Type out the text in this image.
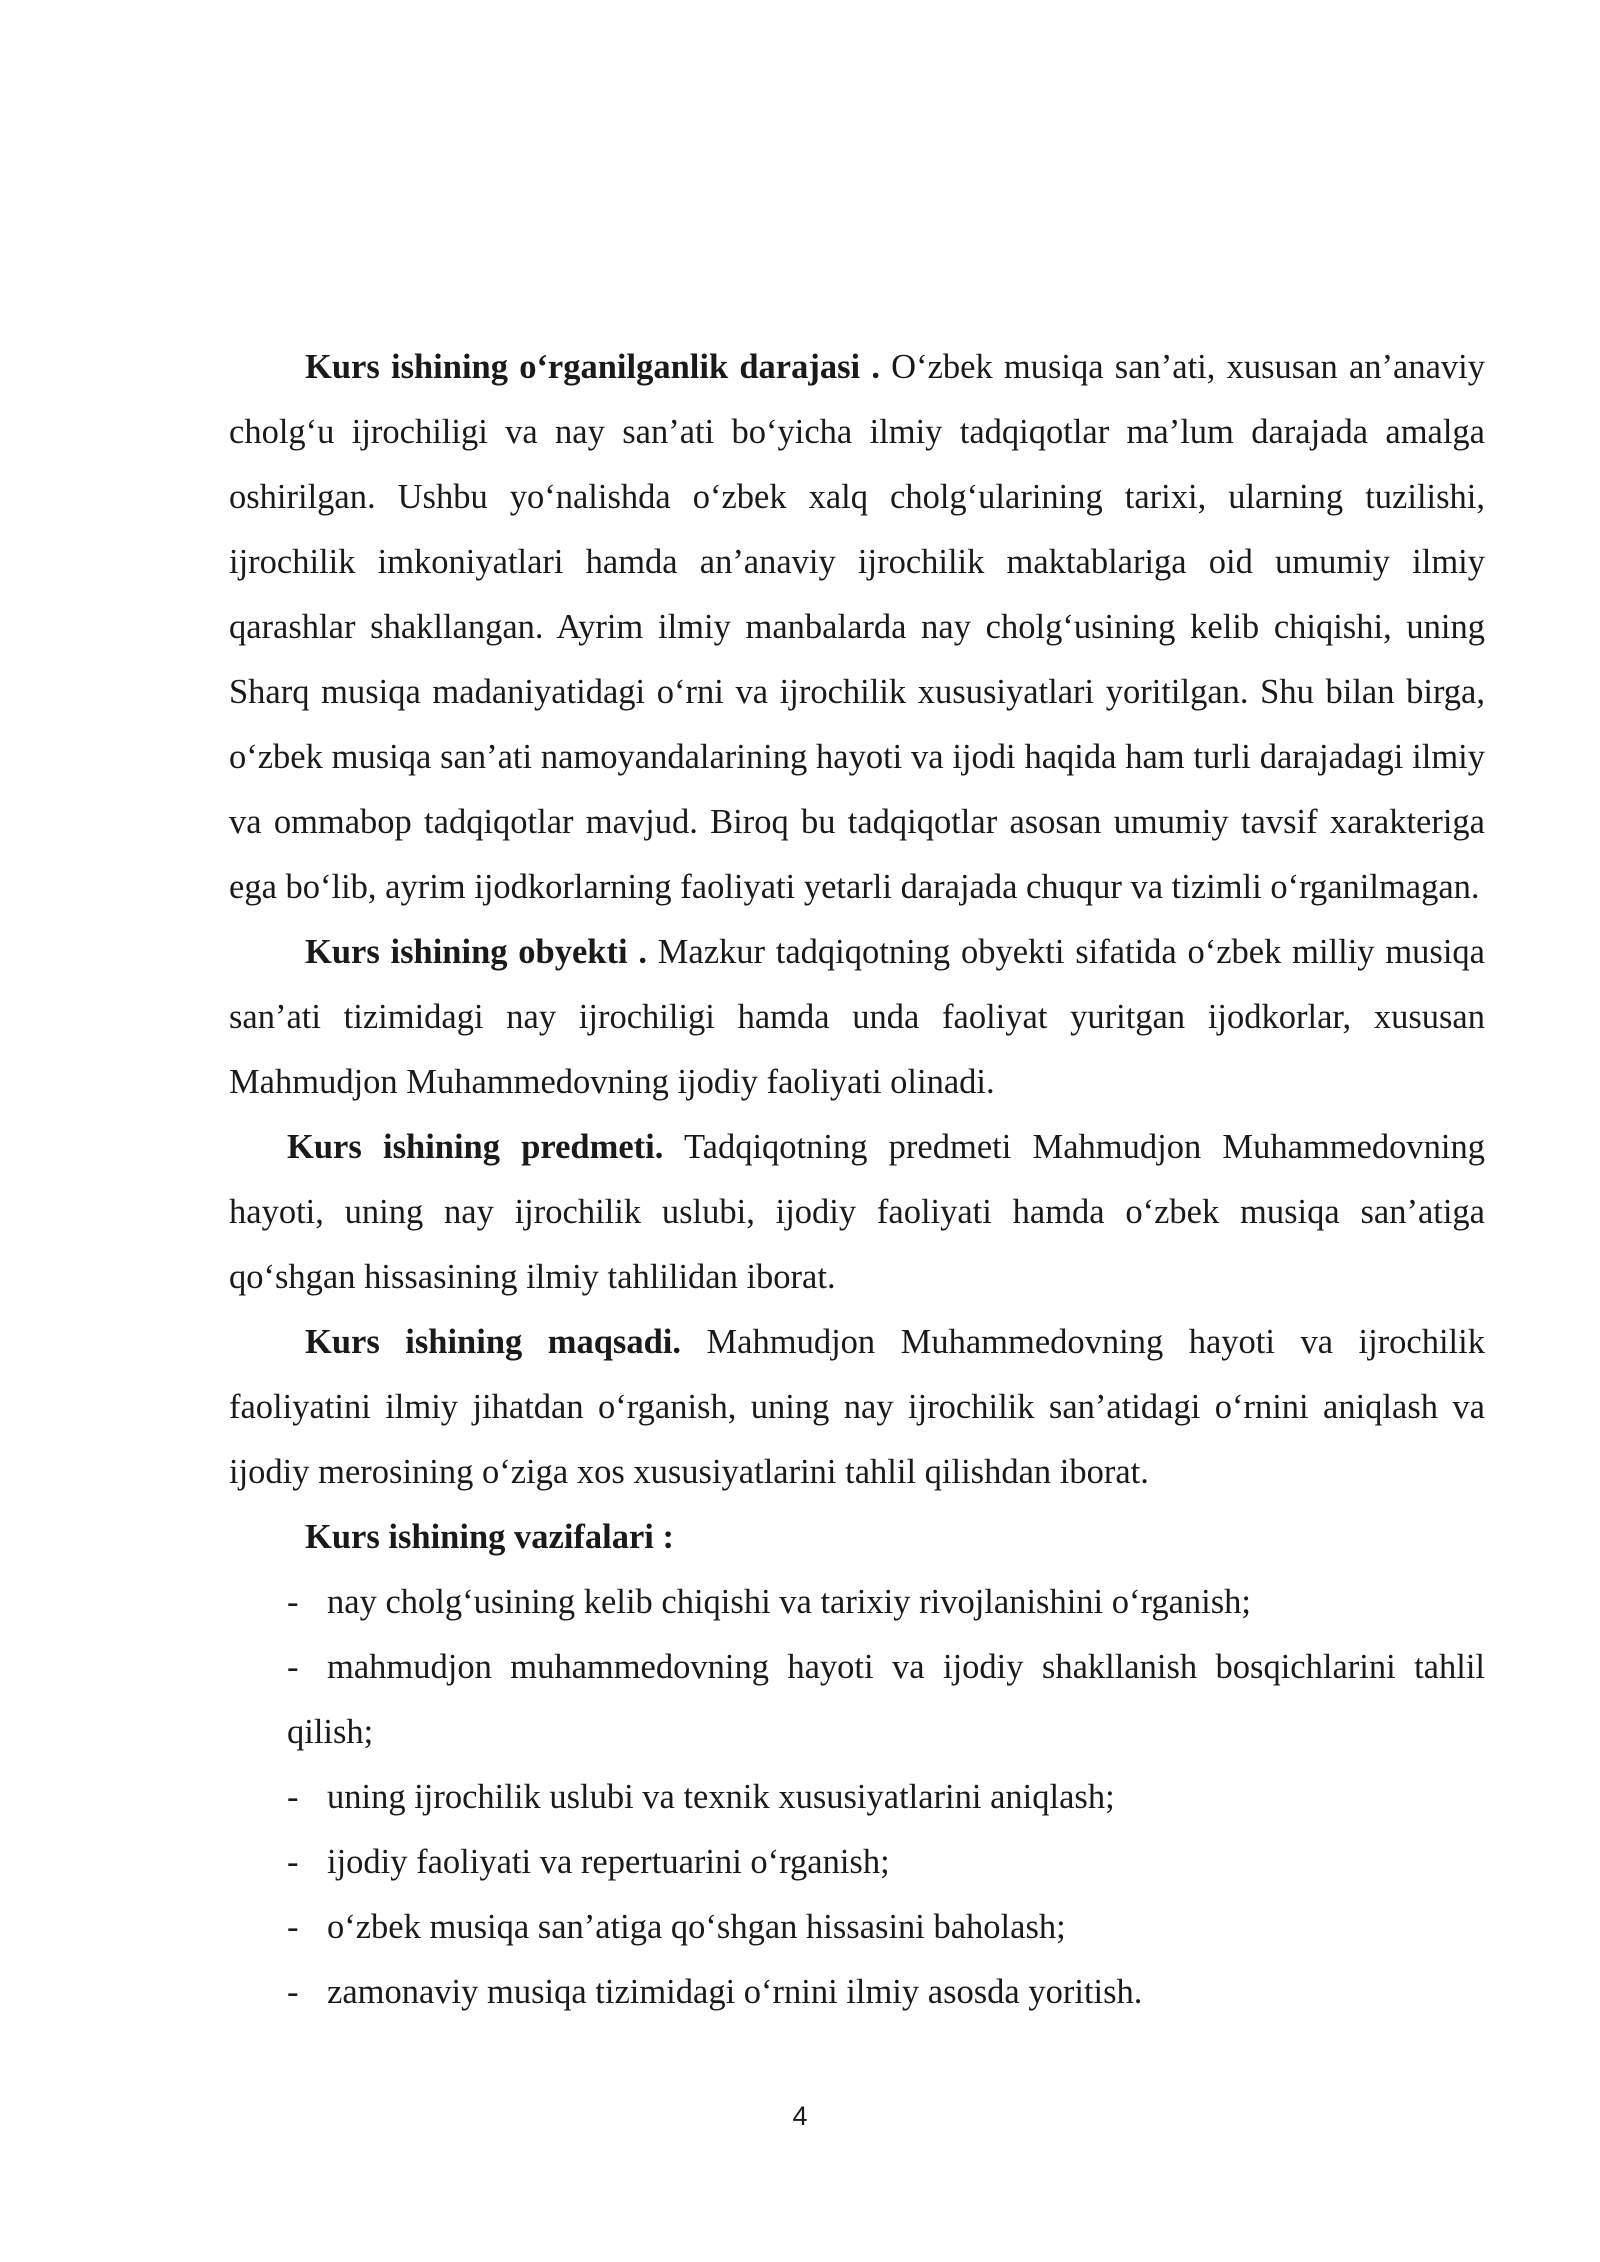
Kurs ishining o‘rganilganlik darajasi . O‘zbek musiqa san’ati, xususan an’anaviy cholg‘u ijrochiligi va nay san’ati bo‘yicha ilmiy tadqiqotlar ma’lum darajada amalga oshirilgan. Ushbu yo‘nalishda o‘zbek xalq cholg‘ularining tarixi, ularning tuzilishi, ijrochilik imkoniyatlari hamda an’anaviy ijrochilik maktablariga oid umumiy ilmiy qarashlar shakllangan. Ayrim ilmiy manbalarda nay cholg‘usining kelib chiqishi, uning Sharq musiqa madaniyatidagi o‘rni va ijrochilik xususiyatlari yoritilgan. Shu bilan birga, o‘zbek musiqa san’ati namoyandalarining hayoti va ijodi haqida ham turli darajadagi ilmiy va ommabop tadqiqotlar mavjud. Biroq bu tadqiqotlar asosan umumiy tavsif xarakteriga ega bo‘lib, ayrim ijodkorlarning faoliyati yetarli darajada chuqur va tizimli o‘rganilmagan.

Kurs ishining obyekti . Mazkur tadqiqotning obyekti sifatida o‘zbek milliy musiqa san’ati tizimidagi nay ijrochiligi hamda unda faoliyat yuritgan ijodkorlar, xususan Mahmudjon Muhammedovning ijodiy faoliyati olinadi.

Kurs ishining predmeti. Tadqiqotning predmeti Mahmudjon Muhammedovning hayoti, uning nay ijrochilik uslubi, ijodiy faoliyati hamda o‘zbek musiqa san’atiga qo‘shgan hissasining ilmiy tahlilidan iborat.

Kurs ishining maqsadi. Mahmudjon Muhammedovning hayoti va ijrochilik faoliyatini ilmiy jihatdan o‘rganish, uning nay ijrochilik san’atidagi o‘rnini aniqlash va ijodiy merosining o‘ziga xos xususiyatlarini tahlil qilishdan iborat.

Kurs ishining vazifalari :

- nay cholg‘usining kelib chiqishi va tarixiy rivojlanishini o‘rganish;
- mahmudjon muhammedovning hayoti va ijodiy shakllanish bosqichlarini tahlil qilish;
- uning ijrochilik uslubi va texnik xususiyatlarini aniqlash;
- ijodiy faoliyati va repertuarini o‘rganish;
- o‘zbek musiqa san’atiga qo‘shgan hissasini baholash;
- zamonaviy musiqa tizimidagi o‘rnini ilmiy asosda yoritish.
4
